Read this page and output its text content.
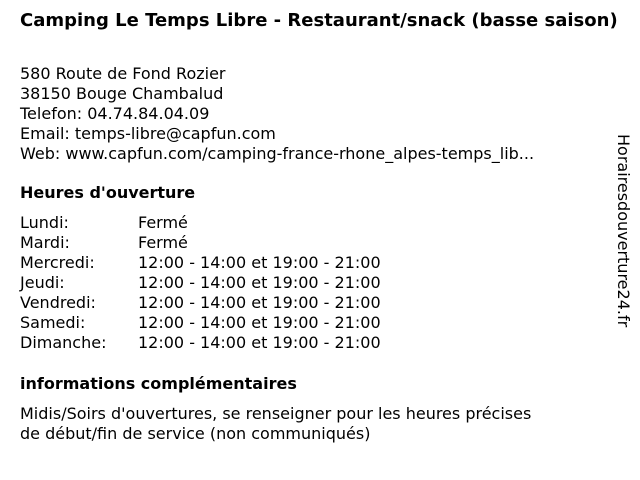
Camping Le Temps Libre - Restaurant/snack (basse saison)
580 Route de Fond Rozier
38150 Bouge Chambalud
Telefon: 04.74.84.04.09
Email: temps-libre@capfun.com
Web: www.capfun.com/camping-france-rhone_alpes-temps_lib...
Heures d'ouverture
Lundi:	Fermé
Mardi:	Fermé
Mercredi:	12:00 - 14:00 et 19:00 - 21:00
Jeudi:	12:00 - 14:00 et 19:00 - 21:00
Vendredi:	12:00 - 14:00 et 19:00 - 21:00
Samedi:	12:00 - 14:00 et 19:00 - 21:00
Dimanche:	12:00 - 14:00 et 19:00 - 21:00
informations complémentaires
Midis/Soirs d'ouvertures, se renseigner pour les heures précises
de début/fin de service (non communiqués)
Horairesdouverture24.fr
